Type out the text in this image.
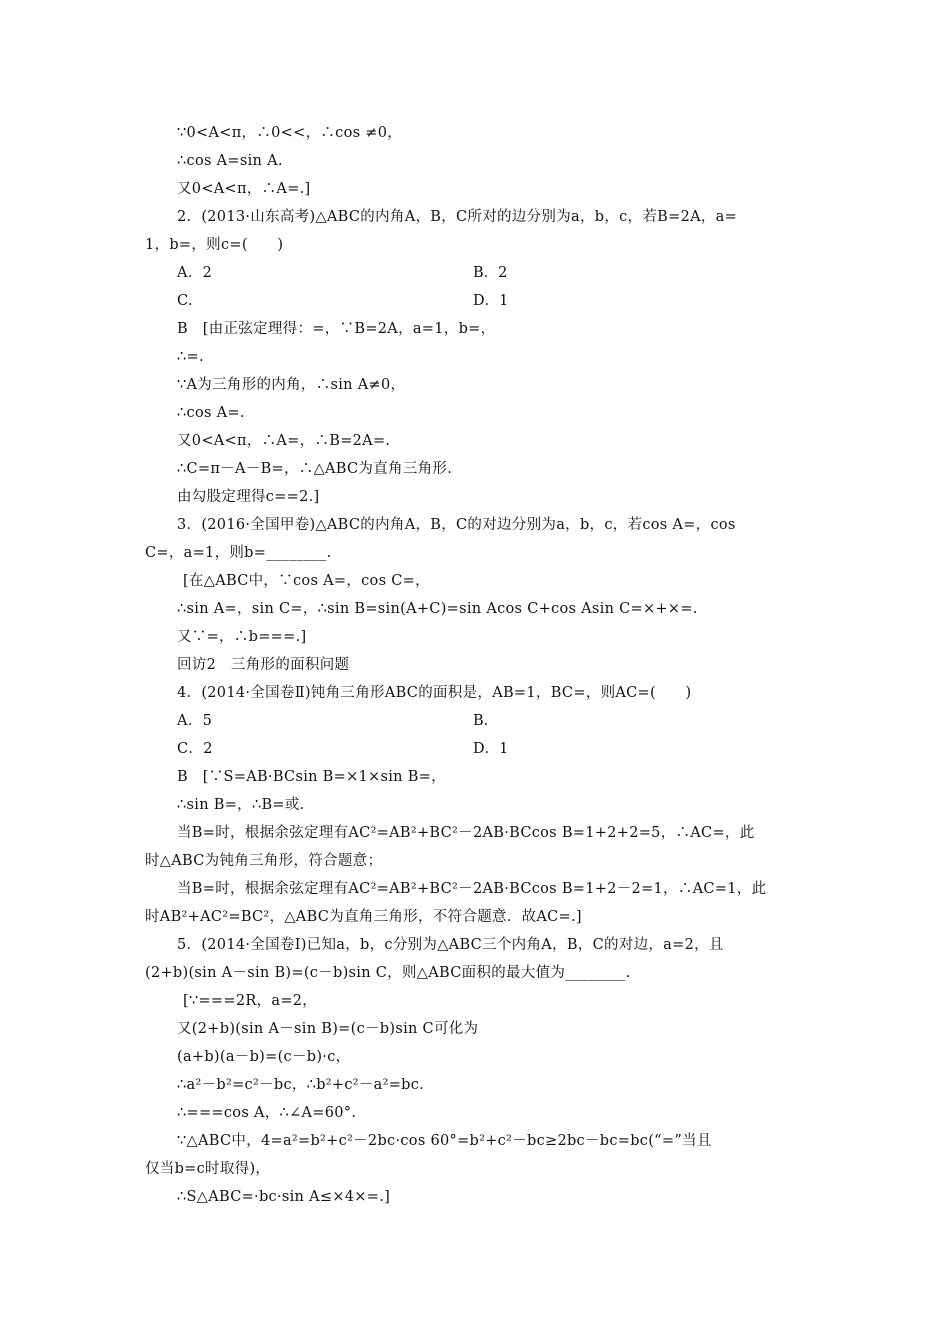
∵0<A<π，∴0<<，∴cos ≠0，
∴cos A=sin A.
又0<A<π，∴A=.]
2．(2013·山东高考)△ABC的内角A，B，C所对的边分别为a，b，c，若B=2A，a=
1，b=，则c=(　　)
A．2	B．2
C.	D．1
B　[由正弦定理得：=，∵B=2A，a=1，b=，
∴=.
∵A为三角形的内角，∴sin A≠0，
∴cos A=.
又0<A<π，∴A=，∴B=2A=.
∴C=π－A－B=，∴△ABC为直角三角形.
由勾股定理得c==2.]
3．(2016·全国甲卷)△ABC的内角A，B，C的对边分别为a，b，c，若cos A=，cos
C=，a=1，则b=________.
[在△ABC中，∵cos A=，cos C=，
∴sin A=，sin C=，∴sin B=sin(A+C)=sin Acos C+cos Asin C=×+×=.
又∵=，∴b===.]
回访2　三角形的面积问题
4．(2014·全国卷Ⅱ)钝角三角形ABC的面积是，AB=1，BC=，则AC=(　　)
A．5	B.
C．2	D．1
B　[∵S=AB·BCsin B=×1×sin B=，
∴sin B=，∴B=或.
当B=时，根据余弦定理有AC²=AB²+BC²－2AB·BCcos B=1+2+2=5，∴AC=，此
时△ABC为钝角三角形，符合题意；
当B=时，根据余弦定理有AC²=AB²+BC²－2AB·BCcos B=1+2－2=1，∴AC=1，此
时AB²+AC²=BC²，△ABC为直角三角形，不符合题意．故AC=.]
5．(2014·全国卷Ⅰ)已知a，b，c分别为△ABC三个内角A，B，C的对边，a=2，且
(2+b)(sin A－sin B)=(c－b)sin C，则△ABC面积的最大值为________.
[∵===2R，a=2，
又(2+b)(sin A－sin B)=(c－b)sin C可化为
(a+b)(a－b)=(c－b)·c，
∴a²－b²=c²－bc，∴b²+c²－a²=bc.
∴===cos A，∴∠A=60°.
∵△ABC中，4=a²=b²+c²－2bc·cos 60°=b²+c²－bc≥2bc－bc=bc(“=”当且
仅当b=c时取得)，
∴S△ABC=·bc·sin A≤×4×=.]
